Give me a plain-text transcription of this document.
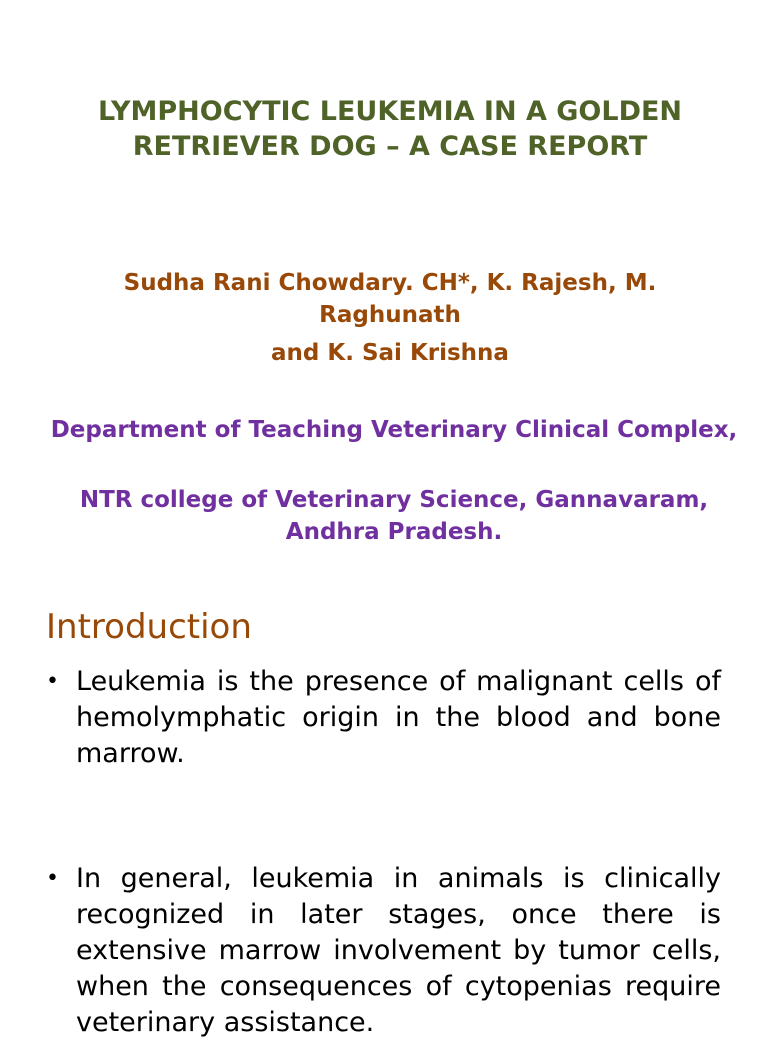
LYMPHOCYTIC LEUKEMIA IN A GOLDEN RETRIEVER DOG – A CASE REPORT

Sudha Rani Chowdary. CH*, K. Rajesh, M. Raghunath

and K. Sai Krishna

Department of Teaching Veterinary Clinical Complex,

NTR college of Veterinary Science, Gannavaram, Andhra Pradesh.

Introduction
• Leukemia is the presence of malignant cells of hemolymphatic origin in the blood and bone marrow.
• In general, leukemia in animals is clinically recognized in later stages, once there is extensive marrow involvement by tumor cells, when the consequences of cytopenias require veterinary assistance.
